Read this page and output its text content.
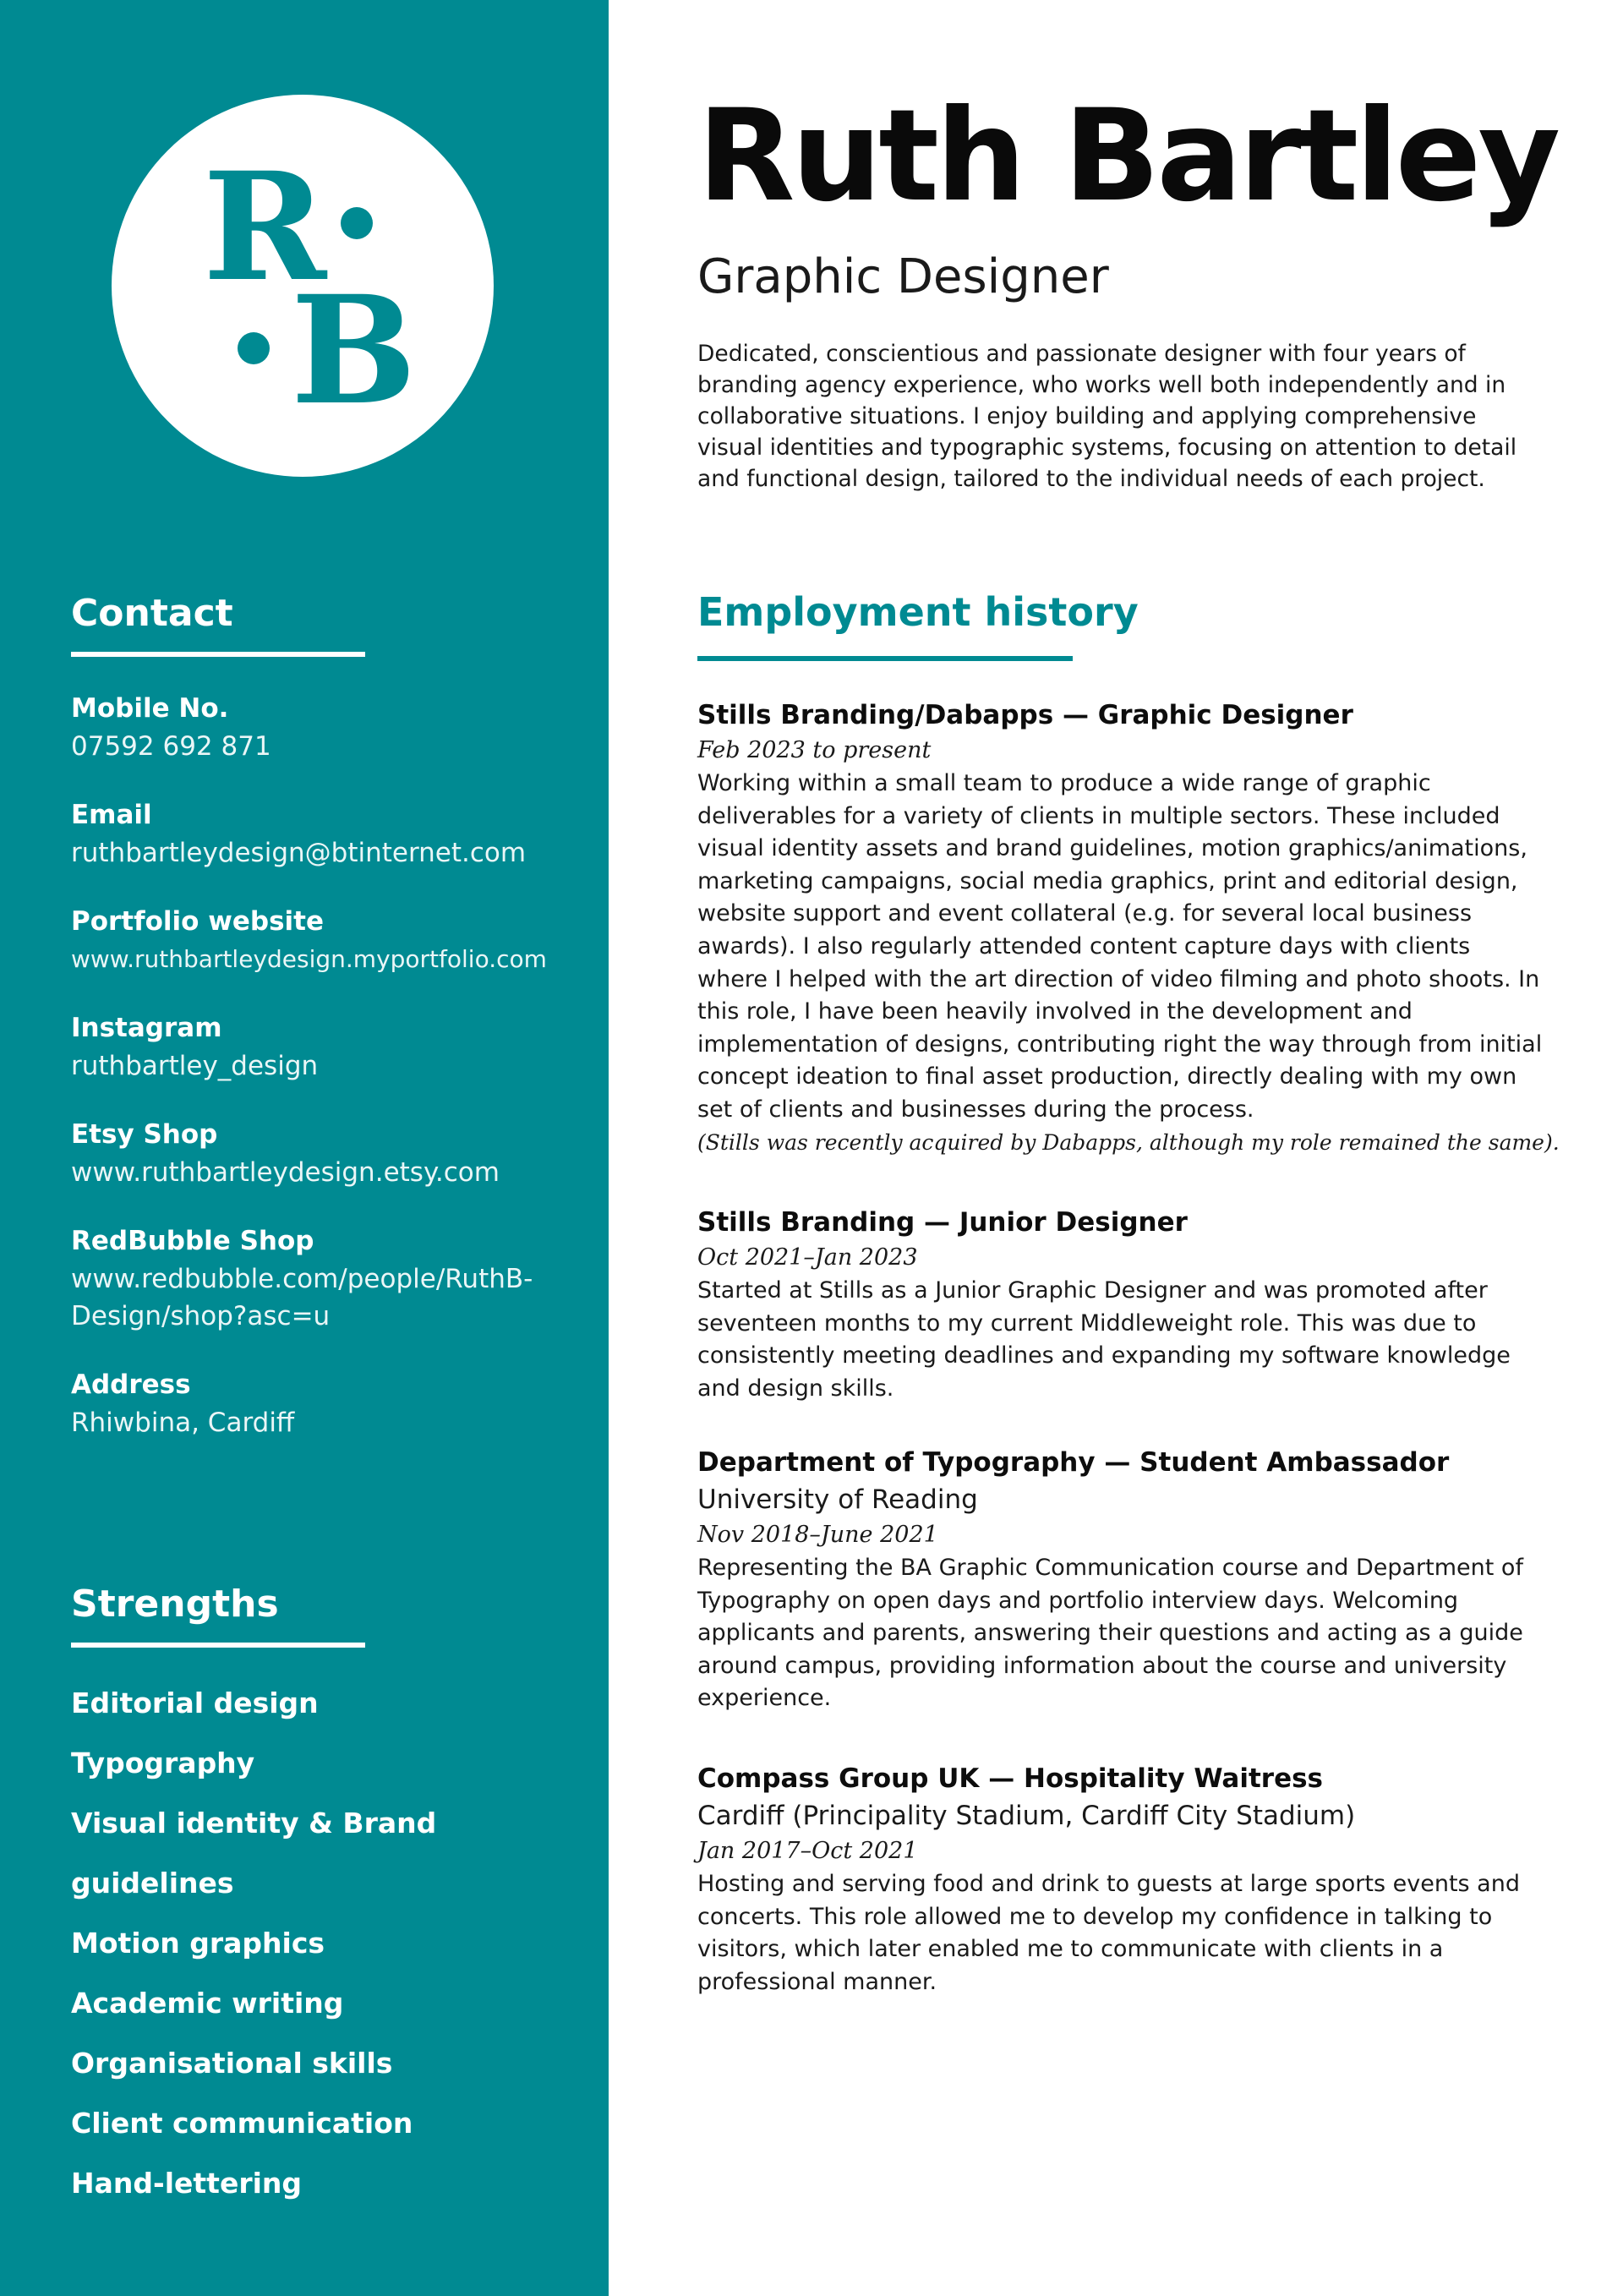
R
B
Contact
Mobile No.
07592 692 871
Email
ruthbartleydesign@btinternet.com
Portfolio website
www.ruthbartleydesign.myportfolio.com
Instagram
ruthbartley_design
Etsy Shop
www.ruthbartleydesign.etsy.com
RedBubble Shop
www.redbubble.com/people/RuthB-Design/shop?asc=u
Address
Rhiwbina, Cardiff
Strengths
Editorial design
Typography
Visual identity & Brand guidelines
Motion graphics
Academic writing
Organisational skills
Client communication
Hand-lettering
Ruth Bartley
Graphic Designer

Dedicated, conscientious and passionate designer with four years of branding agency experience, who works well both independently and in collaborative situations. I enjoy building and applying comprehensive visual identities and typographic systems, focusing on attention to detail and functional design, tailored to the individual needs of each project.

Employment history
Stills Branding/Dabapps — Graphic Designer
Feb 2023 to present

Working within a small team to produce a wide range of graphic deliverables for a variety of clients in multiple sectors. These included visual identity assets and brand guidelines, motion graphics/animations, marketing campaigns, social media graphics, print and editorial design, website support and event collateral (e.g. for several local business awards). I also regularly attended content capture days with clients where I helped with the art direction of video filming and photo shoots. In this role, I have been heavily involved in the development and implementation of designs, contributing right the way through from initial concept ideation to final asset production, directly dealing with my own set of clients and businesses during the process.

(Stills was recently acquired by Dabapps, although my role remained the same).

Stills Branding — Junior Designer
Oct 2021–Jan 2023

Started at Stills as a Junior Graphic Designer and was promoted after seventeen months to my current Middleweight role. This was due to consistently meeting deadlines and expanding my software knowledge and design skills.

Department of Typography — Student Ambassador
University of Reading
Nov 2018–June 2021

Representing the BA Graphic Communication course and Department of Typography on open days and portfolio interview days. Welcoming applicants and parents, answering their questions and acting as a guide around campus, providing information about the course and university experience.

Compass Group UK — Hospitality Waitress
Cardiff (Principality Stadium, Cardiff City Stadium)
Jan 2017–Oct 2021

Hosting and serving food and drink to guests at large sports events and concerts. This role allowed me to develop my confidence in talking to visitors, which later enabled me to communicate with clients in a professional manner.
